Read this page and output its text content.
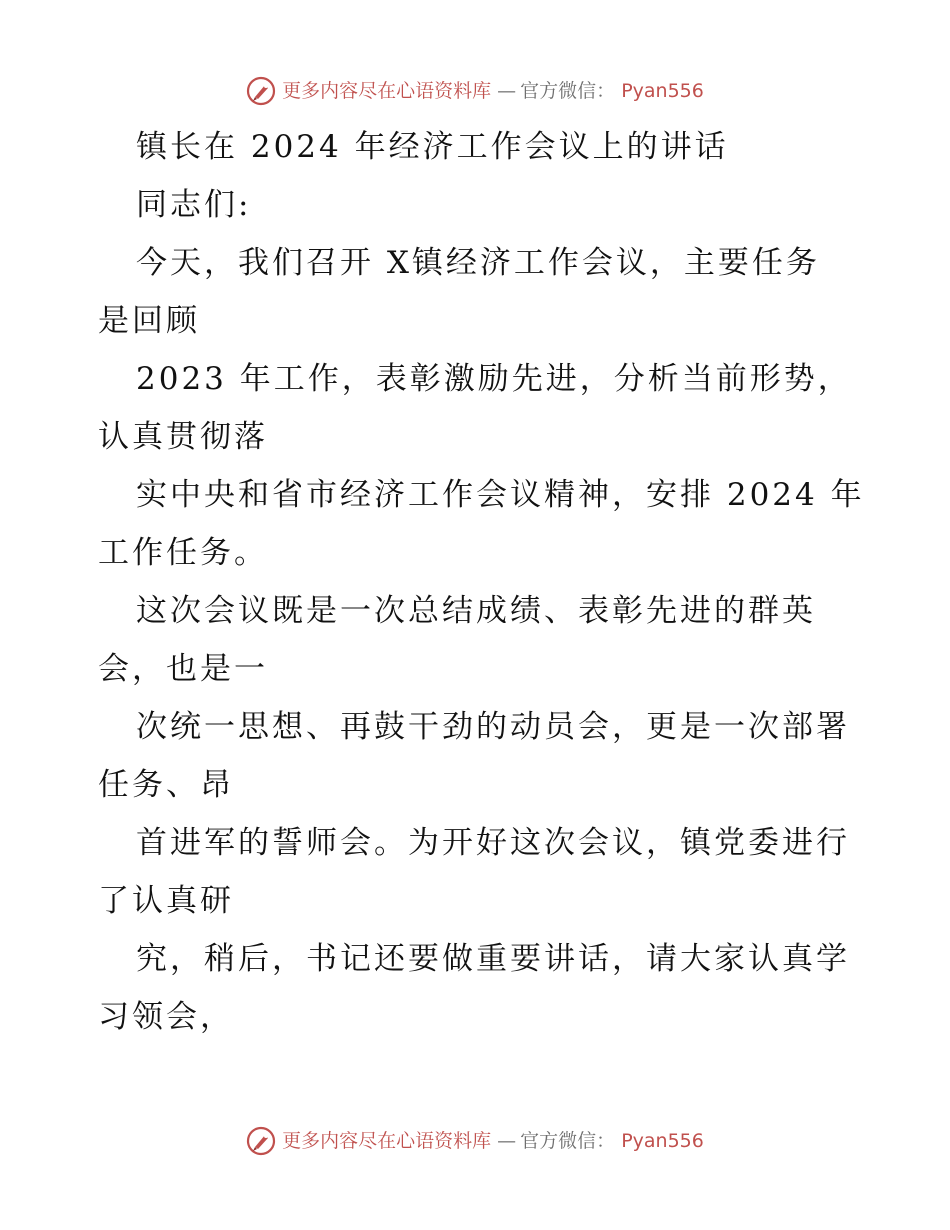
更多内容尽在心语资料库 — 官方微信： Pyan556
镇长在 2024 年经济工作会议上的讲话
同志们:
今天，我们召开 X镇经济工作会议，主要任务
是回顾
2023 年工作，表彰激励先进，分析当前形势，
认真贯彻落
实中央和省市经济工作会议精神，安排 2024 年
工作任务。
这次会议既是一次总结成绩、表彰先进的群英
会，也是一
次统一思想、再鼓干劲的动员会，更是一次部署
任务、昂
首进军的誓师会。为开好这次会议，镇党委进行
了认真研
究，稍后，书记还要做重要讲话，请大家认真学
习领会，
更多内容尽在心语资料库 — 官方微信： Pyan556
